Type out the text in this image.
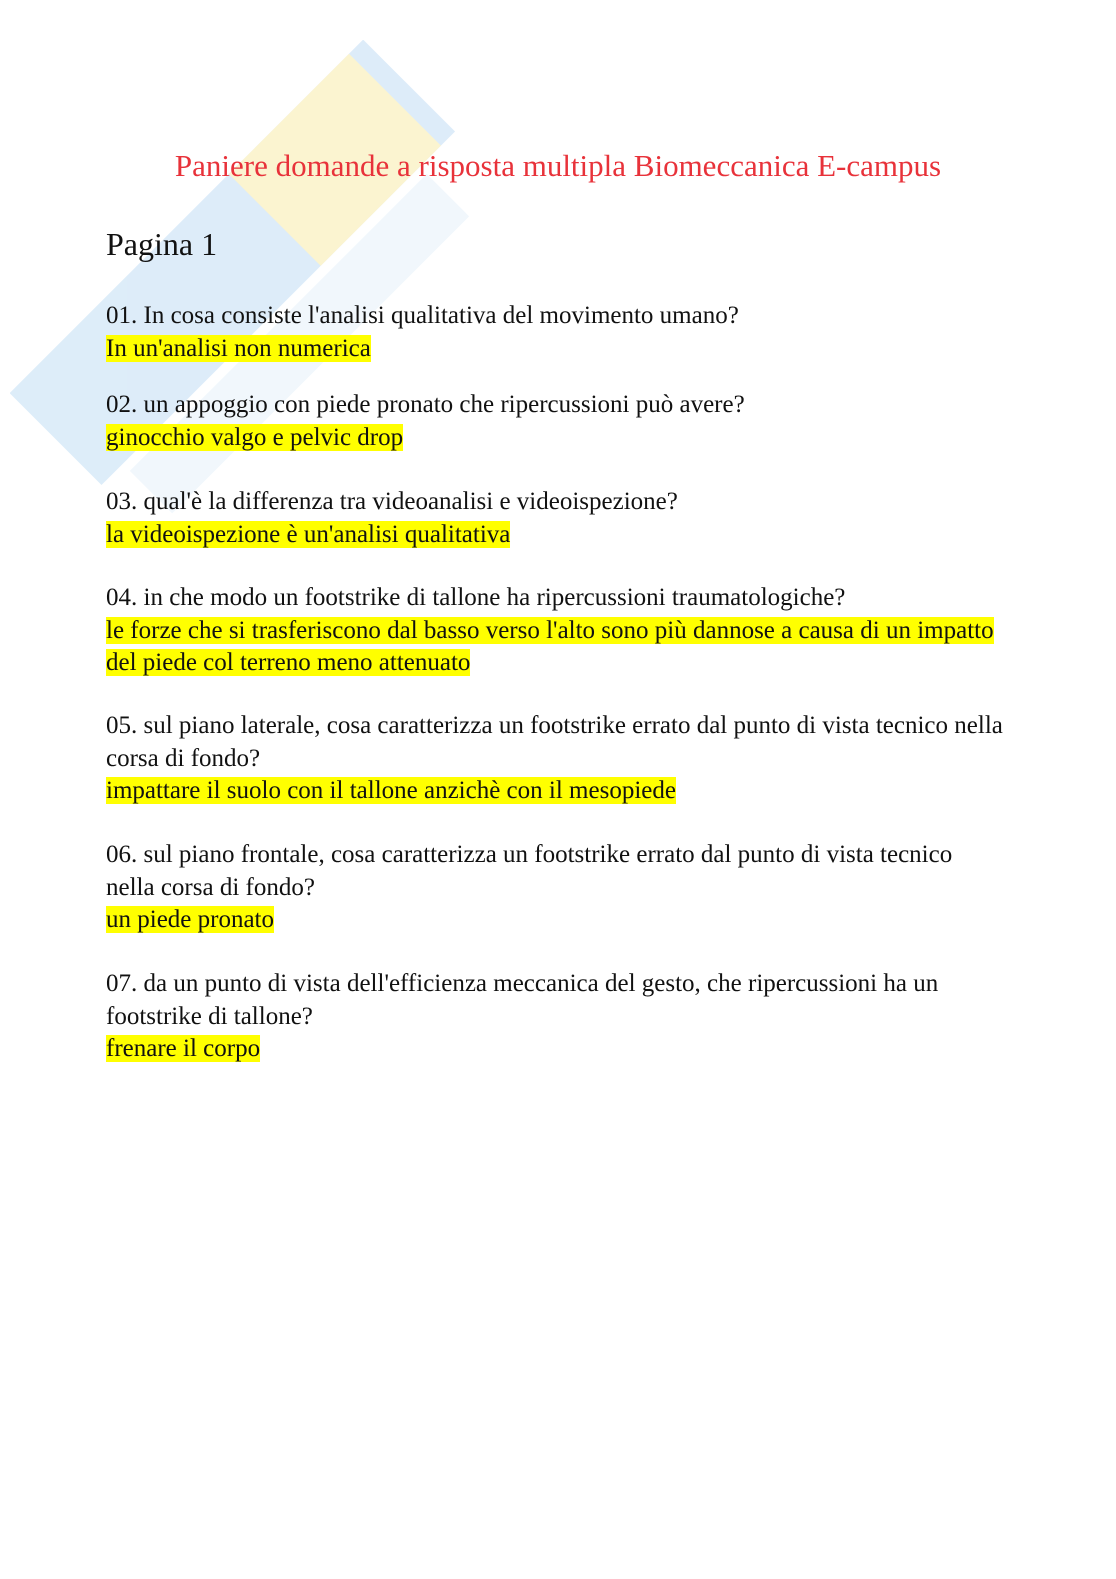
Paniere domande a risposta multipla Biomeccanica E-campus
Pagina 1
01. In cosa consiste l'analisi qualitativa del movimento umano?
In un'analisi non numerica
02. un appoggio con piede pronato che ripercussioni può avere?
ginocchio valgo e pelvic drop
03. qual'è la differenza tra videoanalisi e videoispezione?
la videoispezione è un'analisi qualitativa
04. in che modo un footstrike di tallone ha ripercussioni traumatologiche?
le forze che si trasferiscono dal basso verso l'alto sono più dannose a causa di un impatto del piede col terreno meno attenuato
05. sul piano laterale, cosa caratterizza un footstrike errato dal punto di vista tecnico nella corsa di fondo?
impattare il suolo con il tallone anzichè con il mesopiede
06. sul piano frontale, cosa caratterizza un footstrike errato dal punto di vista tecnico nella corsa di fondo?
un piede pronato
07. da un punto di vista dell'efficienza meccanica del gesto, che ripercussioni ha un footstrike di tallone?
frenare il corpo
